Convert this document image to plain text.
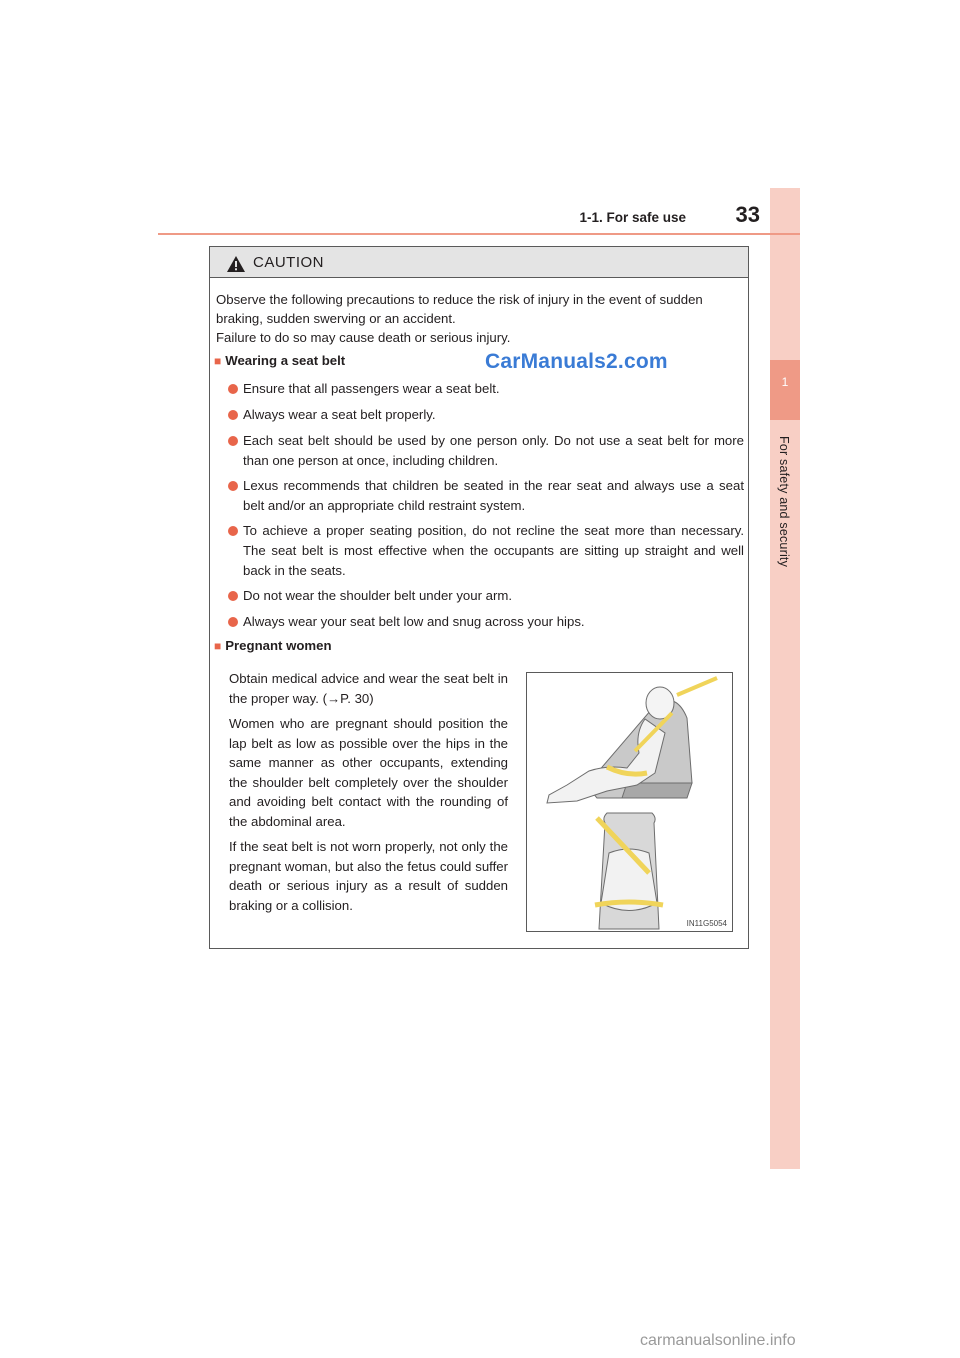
1
For safety and security
1-1. For safe use	33
CAUTION
Observe the following precautions to reduce the risk of injury in the event of sudden
braking, sudden swerving or an accident.
Failure to do so may cause death or serious injury.
■ Wearing a seat belt
Ensure that all passengers wear a seat belt.
Always wear a seat belt properly.
Each seat belt should be used by one person only. Do not use a seat belt for more than one person at once, including children.
Lexus recommends that children be seated in the rear seat and always use a seat belt and/or an appropriate child restraint system.
To achieve a proper seating position, do not recline the seat more than necessary. The seat belt is most effective when the occupants are sitting up straight and well back in the seats.
Do not wear the shoulder belt under your arm.
Always wear your seat belt low and snug across your hips.
■ Pregnant women
Obtain medical advice and wear the seat belt in the proper way. (→P. 30)
Women who are pregnant should position the lap belt as low as possible over the hips in the same manner as other occupants, extending the shoulder belt completely over the shoulder and avoiding belt contact with the rounding of the abdominal area.
If the seat belt is not worn properly, not only the pregnant woman, but also the fetus could suffer death or serious injury as a result of sudden braking or a collision.
IN11G5054
CarManuals2.com
carmanualsonline.info
